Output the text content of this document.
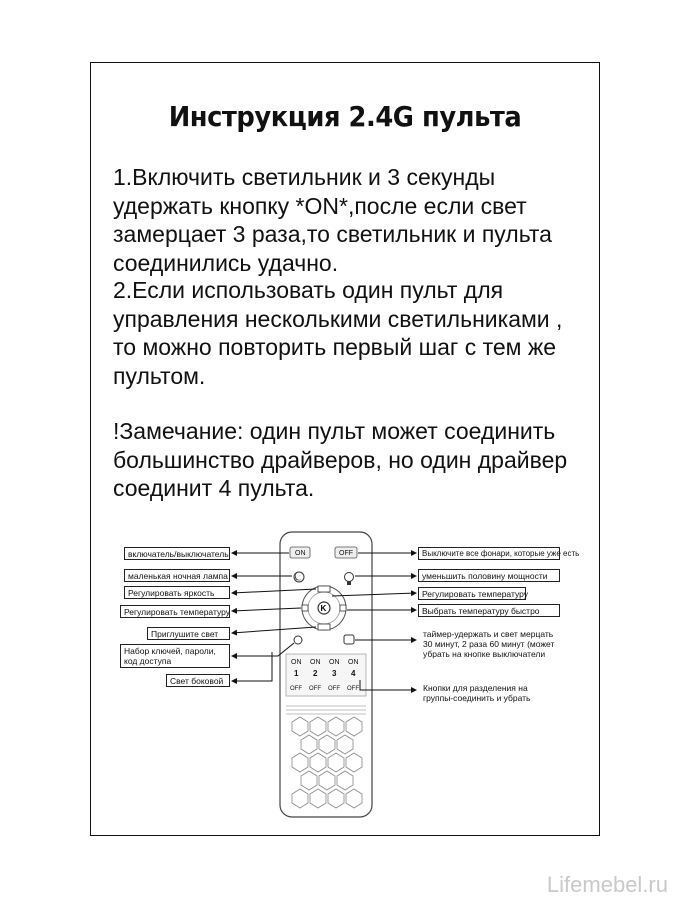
Инструкция 2.4G пульта

1.Включить светильник и 3 секунды
удержать кнопку *ON*,после если свет
замерцает 3 раза,то светильник и пульта
соединились удачно.

2.Если использовать один пульт для
управления несколькими светильниками ,
то можно повторить первый шаг с тем же
пультом.

!Замечание: один пульт может соединить
большинство драйверов, но один драйвер
соединит 4 пульта.

ON	OFF
K
ON ON ON ON
1 2 3 4
OFF OFF OFF OFF
включатель/выключатель
маленькая ночная лампа
Регулировать яркость
Регулировать температуру
Приглушите свет
Набор ключей, пароли, код доступа
Свет боковой
Выключите все фонари, которые уже есть
уменьшить половину мощности
Регулировать температуру
Выбрать температуру быстро
таймер-удержать и свет мерцать 30 минут, 2 раза 60 минут (может убрать на кнопке выключатели
Кнопки для разделения на группы-соединить и убрать
Lifemebel.ru
